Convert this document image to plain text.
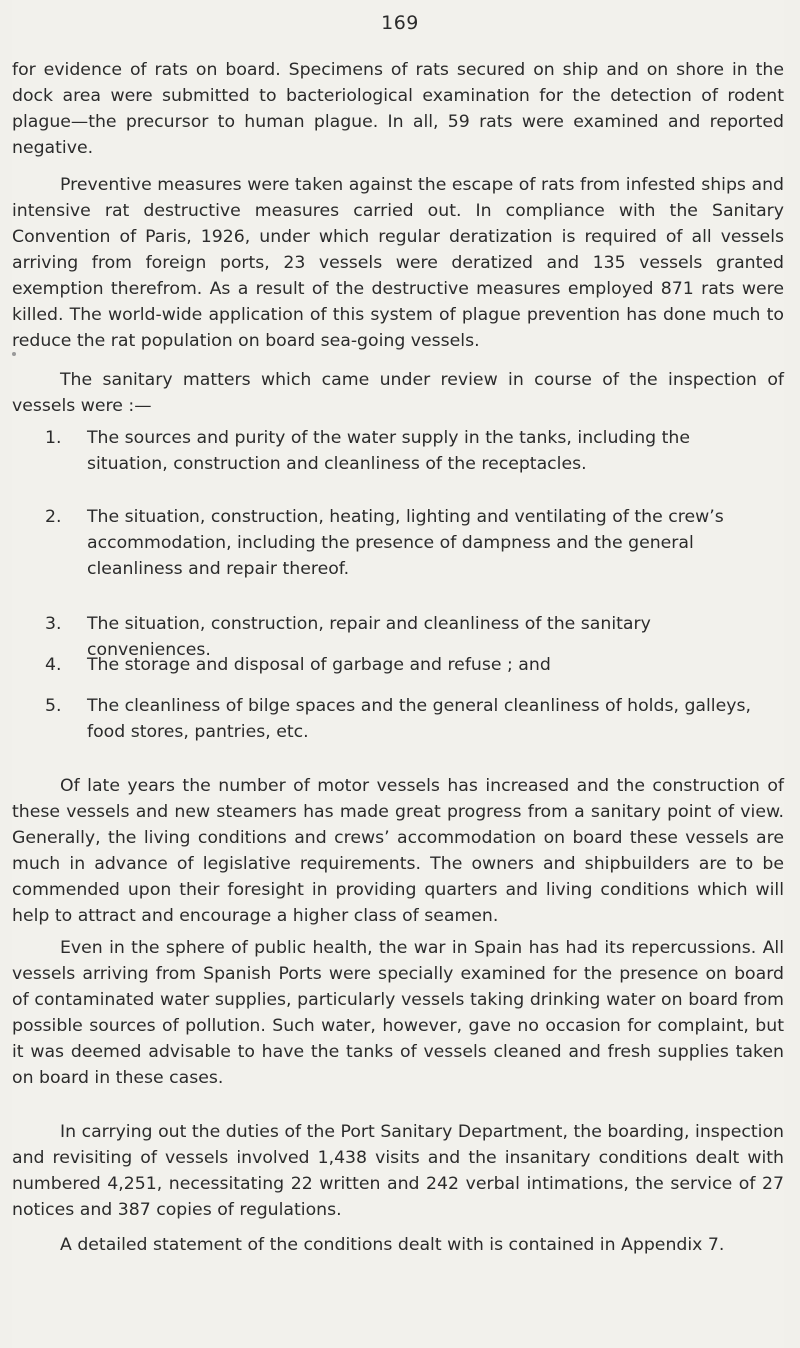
169

for evidence of rats on board. Specimens of rats secured on ship and on shore in the dock area were submitted to bacteriological examination for the detection of rodent plague—the precursor to human plague. In all, 59 rats were examined and reported negative.

Preventive measures were taken against the escape of rats from infested ships and intensive rat destructive measures carried out. In compliance with the Sanitary Convention of Paris, 1926, under which regular deratization is required of all vessels arriving from foreign ports, 23 vessels were deratized and 135 vessels granted exemption therefrom. As a result of the destructive measures employed 871 rats were killed. The world-wide application of this system of plague prevention has done much to reduce the rat population on board sea-going vessels.

The sanitary matters which came under review in course of the inspection of vessels were :—

1.	The sources and purity of the water supply in the tanks, including the situation, construction and cleanliness of the receptacles.
2.	The situation, construction, heating, lighting and ventilating of the crew’s accommodation, including the presence of dampness and the general cleanliness and repair thereof.
3.	The situation, construction, repair and cleanliness of the sanitary conveniences.
4.	The storage and disposal of garbage and refuse ; and
5.	The cleanliness of bilge spaces and the general cleanliness of holds, galleys, food stores, pantries, etc.

Of late years the number of motor vessels has increased and the construction of these vessels and new steamers has made great progress from a sanitary point of view. Generally, the living conditions and crews’ accommodation on board these vessels are much in advance of legislative requirements. The owners and shipbuilders are to be commended upon their foresight in providing quarters and living conditions which will help to attract and encourage a higher class of seamen.

Even in the sphere of public health, the war in Spain has had its repercussions. All vessels arriving from Spanish Ports were specially examined for the presence on board of contaminated water supplies, particularly vessels taking drinking water on board from possible sources of pollution. Such water, however, gave no occasion for complaint, but it was deemed advisable to have the tanks of vessels cleaned and fresh supplies taken on board in these cases.

In carrying out the duties of the Port Sanitary Department, the boarding, inspection and revisiting of vessels involved 1,438 visits and the insanitary conditions dealt with numbered 4,251, necessitating 22 written and 242 verbal intimations, the service of 27 notices and 387 copies of regulations.

A detailed statement of the conditions dealt with is contained in Appendix 7.
